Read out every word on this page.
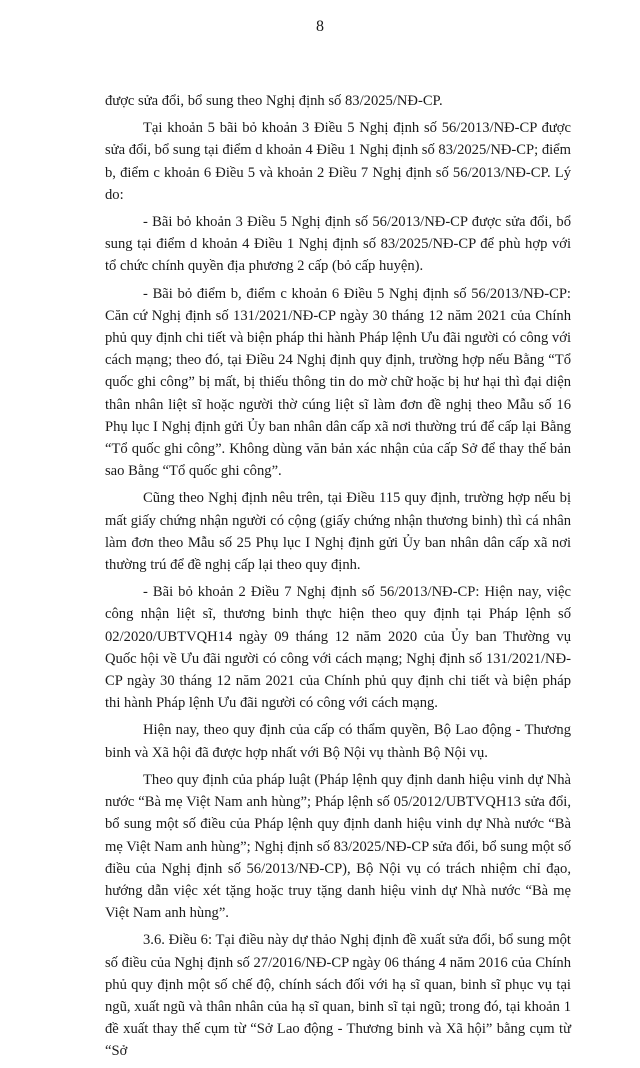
8

được sửa đổi, bổ sung theo Nghị định số 83/2025/NĐ-CP.

Tại khoản 5 bãi bỏ khoản 3 Điều 5 Nghị định số 56/2013/NĐ-CP được sửa đổi, bổ sung tại điểm d khoản 4 Điều 1 Nghị định số 83/2025/NĐ-CP; điểm b, điểm c khoản 6 Điều 5 và khoản 2 Điều 7 Nghị định số 56/2013/NĐ-CP. Lý do:

- Bãi bỏ khoản 3 Điều 5 Nghị định số 56/2013/NĐ-CP được sửa đổi, bổ sung tại điểm d khoản 4 Điều 1 Nghị định số 83/2025/NĐ-CP để phù hợp với tổ chức chính quyền địa phương 2 cấp (bỏ cấp huyện).

- Bãi bỏ điểm b, điểm c khoản 6 Điều 5 Nghị định số 56/2013/NĐ-CP: Căn cứ Nghị định số 131/2021/NĐ-CP ngày 30 tháng 12 năm 2021 của Chính phủ quy định chi tiết và biện pháp thi hành Pháp lệnh Ưu đãi người có công với cách mạng; theo đó, tại Điều 24 Nghị định quy định, trường hợp nếu Bằng “Tổ quốc ghi công” bị mất, bị thiếu thông tin do mờ chữ hoặc bị hư hại thì đại diện thân nhân liệt sĩ hoặc người thờ cúng liệt sĩ làm đơn đề nghị theo Mẫu số 16 Phụ lục I Nghị định gửi Ủy ban nhân dân cấp xã nơi thường trú để cấp lại Bằng “Tổ quốc ghi công”. Không dùng văn bản xác nhận của cấp Sở để thay thế bản sao Bằng “Tổ quốc ghi công”.

Cũng theo Nghị định nêu trên, tại Điều 115 quy định, trường hợp nếu bị mất giấy chứng nhận người có cộng (giấy chứng nhận thương binh) thì cá nhân làm đơn theo Mẫu số 25 Phụ lục I Nghị định gửi Ủy ban nhân dân cấp xã nơi thường trú để đề nghị cấp lại theo quy định.

- Bãi bỏ khoản 2 Điều 7 Nghị định số 56/2013/NĐ-CP: Hiện nay, việc công nhận liệt sĩ, thương binh thực hiện theo quy định tại Pháp lệnh số 02/2020/UBTVQH14 ngày 09 tháng 12 năm 2020 của Ủy ban Thường vụ Quốc hội về Ưu đãi người có công với cách mạng; Nghị định số 131/2021/NĐ-CP ngày 30 tháng 12 năm 2021 của Chính phủ quy định chi tiết và biện pháp thi hành Pháp lệnh Ưu đãi người có công với cách mạng.

Hiện nay, theo quy định của cấp có thẩm quyền, Bộ Lao động - Thương binh và Xã hội đã được hợp nhất với Bộ Nội vụ thành Bộ Nội vụ.

Theo quy định của pháp luật (Pháp lệnh quy định danh hiệu vinh dự Nhà nước “Bà mẹ Việt Nam anh hùng”; Pháp lệnh số 05/2012/UBTVQH13 sửa đổi, bổ sung một số điều của Pháp lệnh quy định danh hiệu vinh dự Nhà nước “Bà mẹ Việt Nam anh hùng”; Nghị định số 83/2025/NĐ-CP sửa đổi, bổ sung một số điều của Nghị định số 56/2013/NĐ-CP), Bộ Nội vụ có trách nhiệm chỉ đạo, hướng dẫn việc xét tặng hoặc truy tặng danh hiệu vinh dự Nhà nước “Bà mẹ Việt Nam anh hùng”.

3.6. Điều 6: Tại điều này dự thảo Nghị định đề xuất sửa đổi, bổ sung một số điều của Nghị định số 27/2016/NĐ-CP ngày 06 tháng 4 năm 2016 của Chính phủ quy định một số chế độ, chính sách đối với hạ sĩ quan, binh sĩ phục vụ tại ngũ, xuất ngũ và thân nhân của hạ sĩ quan, binh sĩ tại ngũ; trong đó, tại khoản 1 đề xuất thay thế cụm từ “Sở Lao động - Thương binh và Xã hội” bằng cụm từ “Sở
